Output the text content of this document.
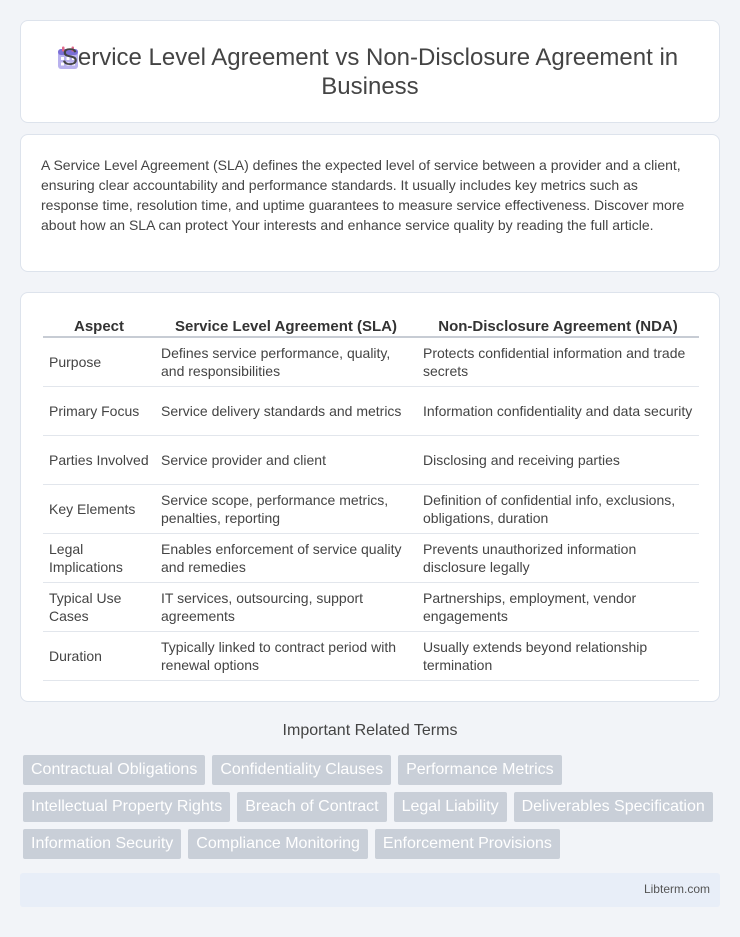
Service Level Agreement vs Non-Disclosure Agreement in Business

A Service Level Agreement (SLA) defines the expected level of service between a provider and a client, ensuring clear accountability and performance standards. It usually includes key metrics such as response time, resolution time, and uptime guarantees to measure service effectiveness. Discover more about how an SLA can protect Your interests and enhance service quality by reading the full article.

Aspect	Service Level Agreement (SLA)	Non-Disclosure Agreement (NDA)
Purpose	Defines service performance, quality, and responsibilities	Protects confidential information and trade secrets
Primary Focus	Service delivery standards and metrics	Information confidentiality and data security
Parties Involved	Service provider and client	Disclosing and receiving parties
Key Elements	Service scope, performance metrics, penalties, reporting	Definition of confidential info, exclusions, obligations, duration
Legal Implications	Enables enforcement of service quality and remedies	Prevents unauthorized information disclosure legally
Typical Use Cases	IT services, outsourcing, support agreements	Partnerships, employment, vendor engagements
Duration	Typically linked to contract period with renewal options	Usually extends beyond relationship termination
Important Related Terms
Contractual Obligations	Confidentiality Clauses	Performance Metrics
Intellectual Property Rights	Breach of Contract	Legal Liability	Deliverables Specification
Information Security	Compliance Monitoring	Enforcement Provisions
Libterm.com
